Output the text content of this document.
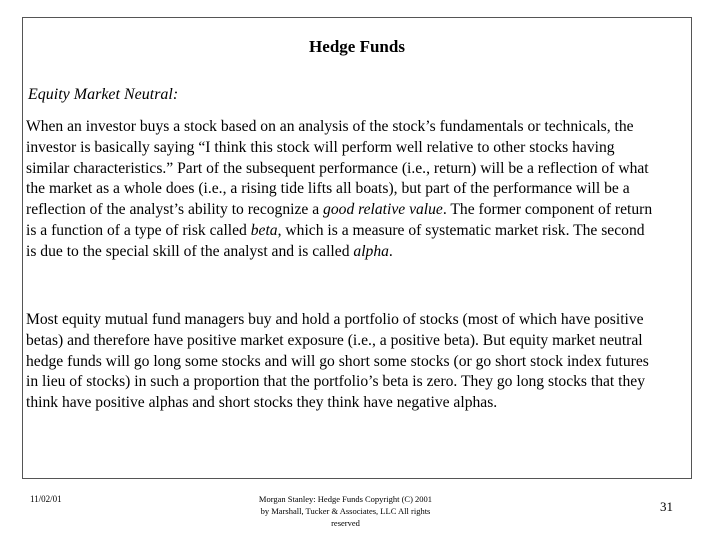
Hedge Funds
Equity Market Neutral:
When an investor buys a stock based on an analysis of the stock’s fundamentals or technicals, the investor is basically saying “I think this stock will perform well relative to other stocks having similar characteristics.” Part of the subsequent performance (i.e., return) will be a reflection of what the market as a whole does (i.e., a rising tide lifts all boats), but part of the performance will be a reflection of the analyst’s ability to recognize a good relative value. The former component of return is a function of a type of risk called beta, which is a measure of systematic market risk. The second is due to the special skill of the analyst and is called alpha.
Most equity mutual fund managers buy and hold a portfolio of stocks (most of which have positive betas) and therefore have positive market exposure (i.e., a positive beta). But equity market neutral hedge funds will go long some stocks and will go short some stocks (or go short stock index futures in lieu of stocks) in such a proportion that the portfolio’s beta is zero. They go long stocks that they think have positive alphas and short stocks they think have negative alphas.
11/02/01	Morgan Stanley: Hedge Funds Copyright (C) 2001
by Marshall, Tucker & Associates, LLC All rights
reserved
31
